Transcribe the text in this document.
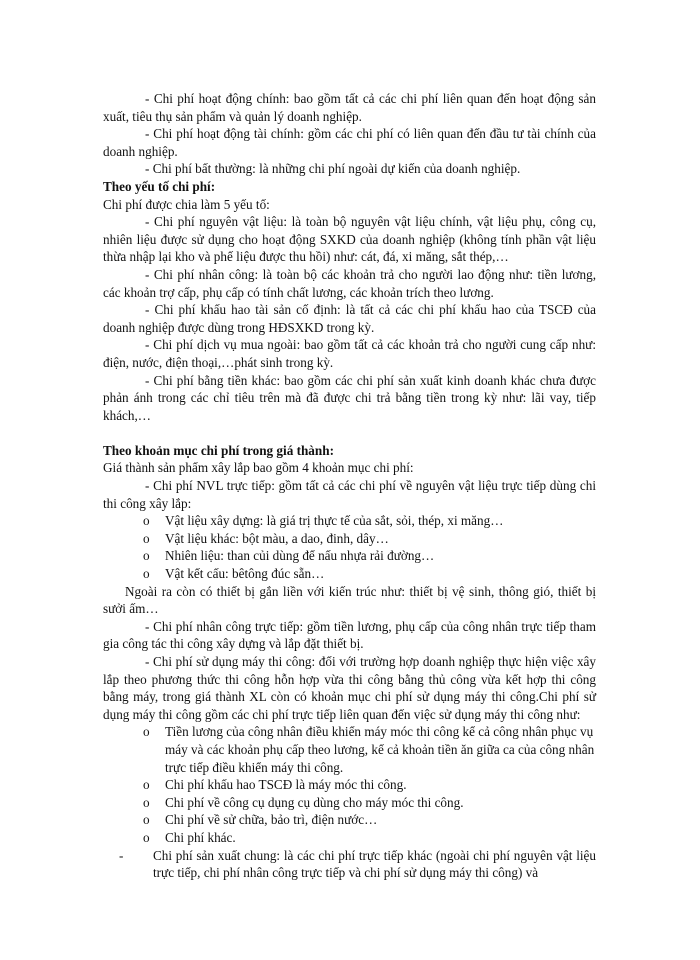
- Chi phí hoạt động chính: bao gồm tất cả các chi phí liên quan đến hoạt động sản xuất, tiêu thụ sản phẩm và quản lý doanh nghiệp.

- Chi phí hoạt động tài chính: gồm các chi phí có liên quan đến đầu tư tài chính của doanh nghiệp.

- Chi phí bất thường: là những chi phí ngoài dự kiến của doanh nghiệp.

Theo yếu tố chi phí:

Chi phí được chia làm 5 yếu tố:

- Chi phí nguyên vật liệu: là toàn bộ nguyên vật liệu chính, vật liệu phụ, công cụ, nhiên liệu được sử dụng cho hoạt động SXKD của doanh nghiệp (không tính phần vật liệu thừa nhập lại kho và phế liệu được thu hồi) như: cát, đá, xi măng, sắt thép,…

- Chi phí nhân công: là toàn bộ các khoản trả cho người lao động như: tiền lương, các khoản trợ cấp, phụ cấp có tính chất lương, các khoản trích theo lương.

- Chi phí khấu hao tài sản cố định: là tất cả các chi phí khấu hao của TSCĐ của doanh nghiệp được dùng trong HĐSXKD trong kỳ.

- Chi phí dịch vụ mua ngoài: bao gồm tất cả các khoản trả cho người cung cấp như: điện, nước, điện thoại,…phát sinh trong kỳ.

- Chi phí bằng tiền khác: bao gồm các chi phí sản xuất kinh doanh khác chưa được phản ánh trong các chỉ tiêu trên mà đã được chi trả bằng tiền trong kỳ như: lãi vay, tiếp khách,…

Theo khoản mục chi phí trong giá thành:

Giá thành sản phẩm xây lắp bao gồm 4 khoản mục chi phí:

- Chi phí NVL trực tiếp: gồm tất cả các chi phí về nguyên vật liệu trực tiếp dùng chi thi công xây lắp:

o Vật liệu xây dựng: là giá trị thực tế của sắt, sỏi, thép, xi măng…
o Vật liệu khác: bột màu, a dao, đinh, dây…
o Nhiên liệu: than củi dùng để nấu nhựa rải đường…
o Vật kết cấu: bêtông đúc sẵn…

Ngoài ra còn có thiết bị gắn liền với kiến trúc như: thiết bị vệ sinh, thông gió, thiết bị sưởi ấm…

- Chi phí nhân công trực tiếp: gồm tiền lương, phụ cấp của công nhân trực tiếp tham gia công tác thi công xây dựng và lắp đặt thiết bị.

- Chi phí sử dụng máy thi công: đối với trường hợp doanh nghiệp thực hiện việc xây lắp theo phương thức thi công hỗn hợp vừa thi công bằng thủ công vừa kết hợp thi công bằng máy, trong giá thành XL còn có khoản mục chi phí sử dụng máy thi công.Chi phí sử dụng máy thi công gồm các chi phí trực tiếp liên quan đến việc sử dụng máy thi công như:

o Tiền lương của công nhân điều khiển máy móc thi công kể cả công nhân phục vụ máy và các khoản phụ cấp theo lương, kể cả khoản tiền ăn giữa ca của công nhân trực tiếp điều khiển máy thi công.
o Chi phí khấu hao TSCĐ là máy móc thi công.
o Chi phí về công cụ dụng cụ dùng cho máy móc thi công.
o Chi phí về sử chữa, bảo trì, điện nước…
o Chi phí khác.

- Chi phí sản xuất chung: là các chi phí trực tiếp khác (ngoài chi phí nguyên vật liệu trực tiếp, chi phí nhân công trực tiếp và chi phí sử dụng máy thi công) và
